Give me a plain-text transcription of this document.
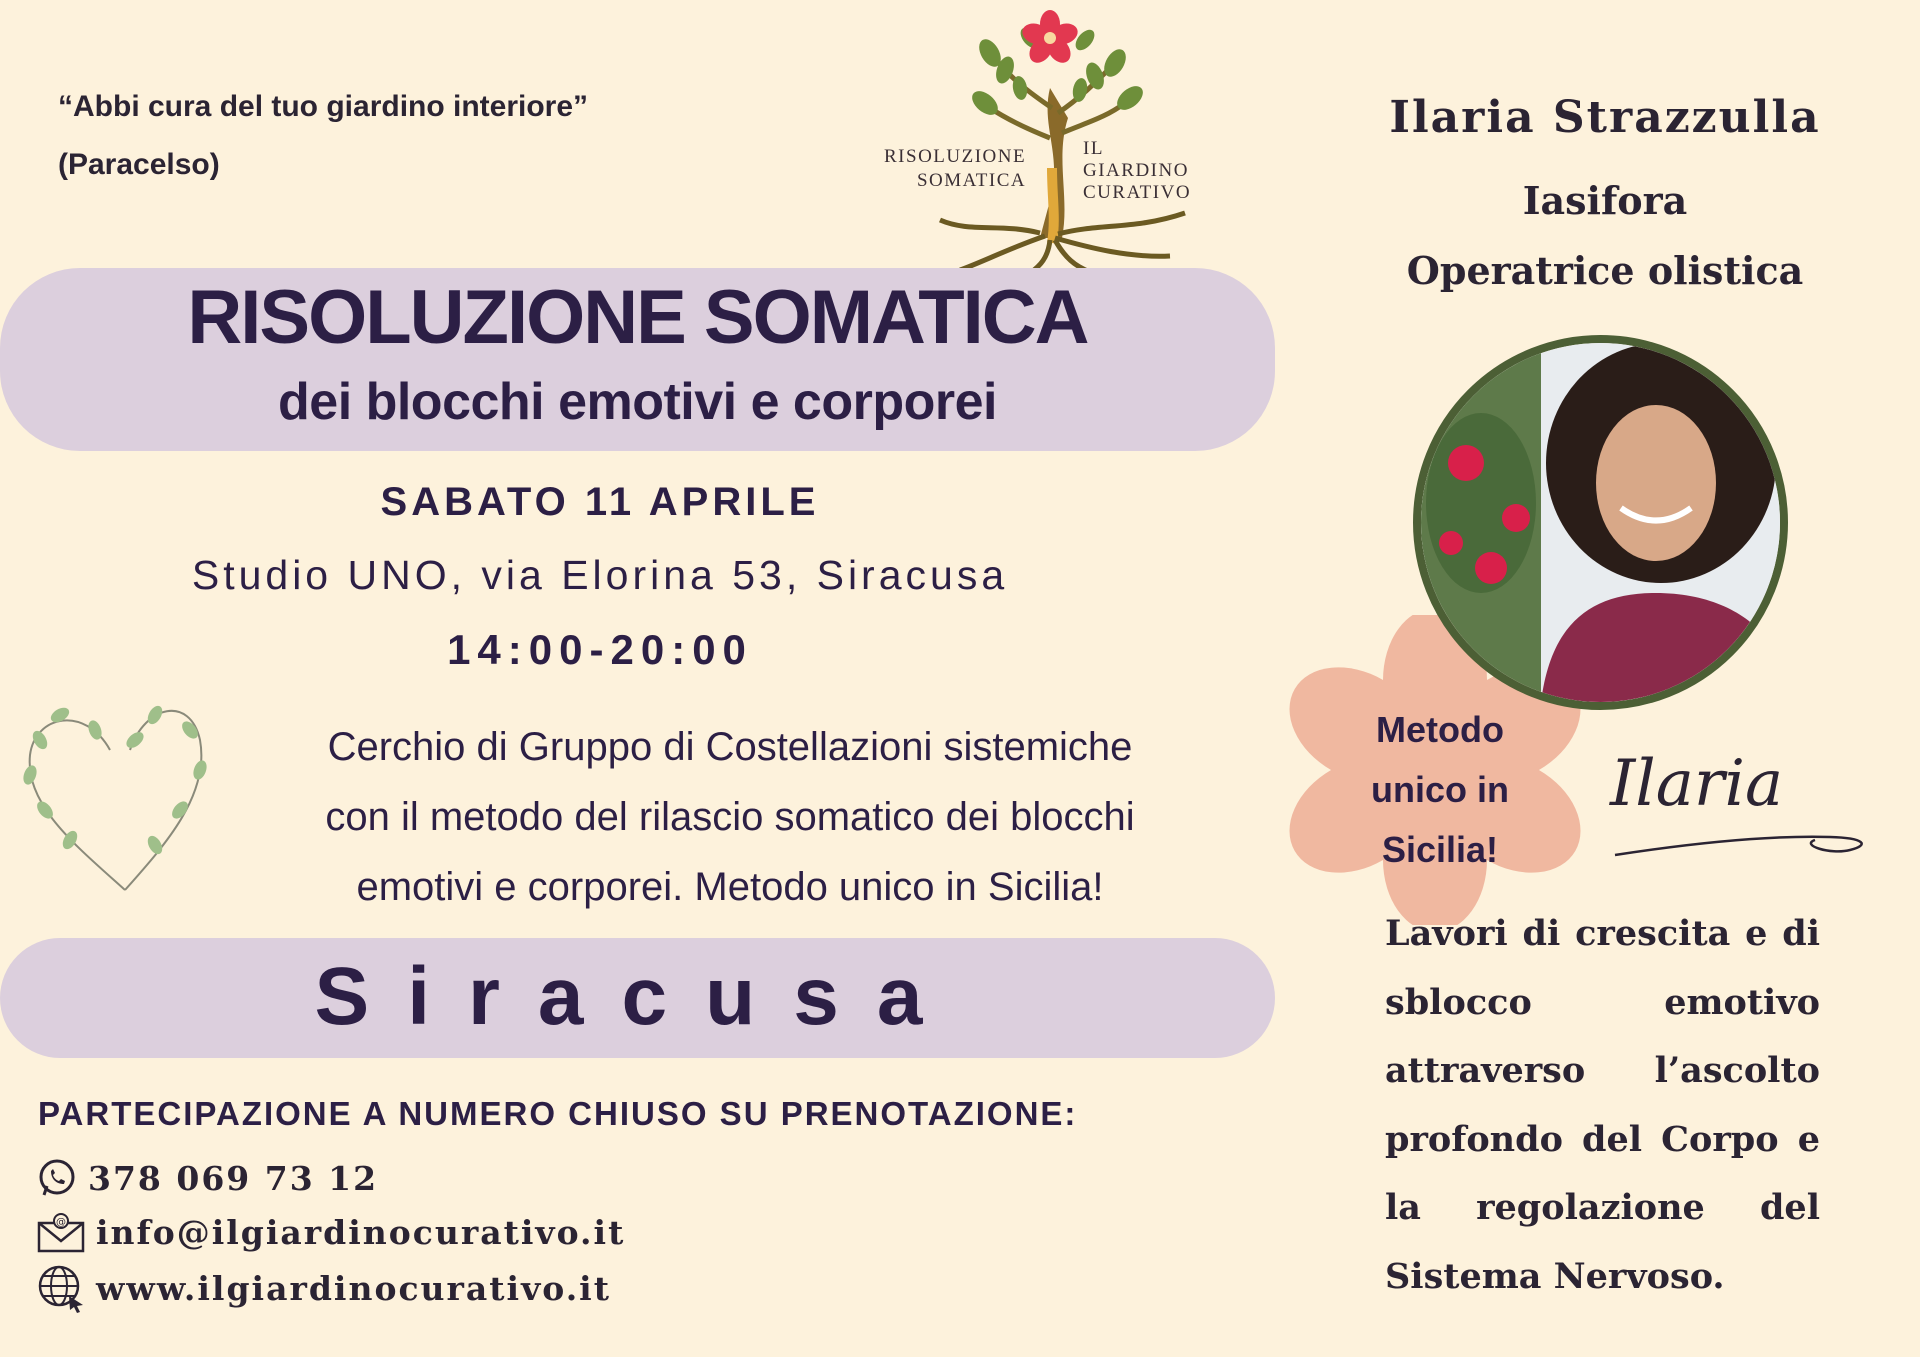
“Abbi cura del tuo giardino interiore”
(Paracelso)	RISOLUZIONE
SOMATICA
IL
GIARDINO
CURATIVO
RISOLUZIONE SOMATICA
dei blocchi emotivi e corporei
SABATO 11 APRILE
Studio UNO, via Elorina 53, Siracusa
14:00-20:00
Cerchio di Gruppo di Costellazioni sistemiche
con il metodo del rilascio somatico dei blocchi
emotivi e corporei. Metodo unico in Sicilia!
Siracusa
PARTECIPAZIONE A NUMERO CHIUSO SU PRENOTAZIONE:
378 069 73 12
@ info@ilgiardinocurativo.it
www.ilgiardinocurativo.it
Ilaria Strazzulla
Iasifora
Operatrice olistica
Metodo
unico in
Sicilia!
Ilaria
Lavori di crescita e di sblocco emotivo attraverso l’ascolto profondo del Corpo e la regolazione del Sistema Nervoso.
